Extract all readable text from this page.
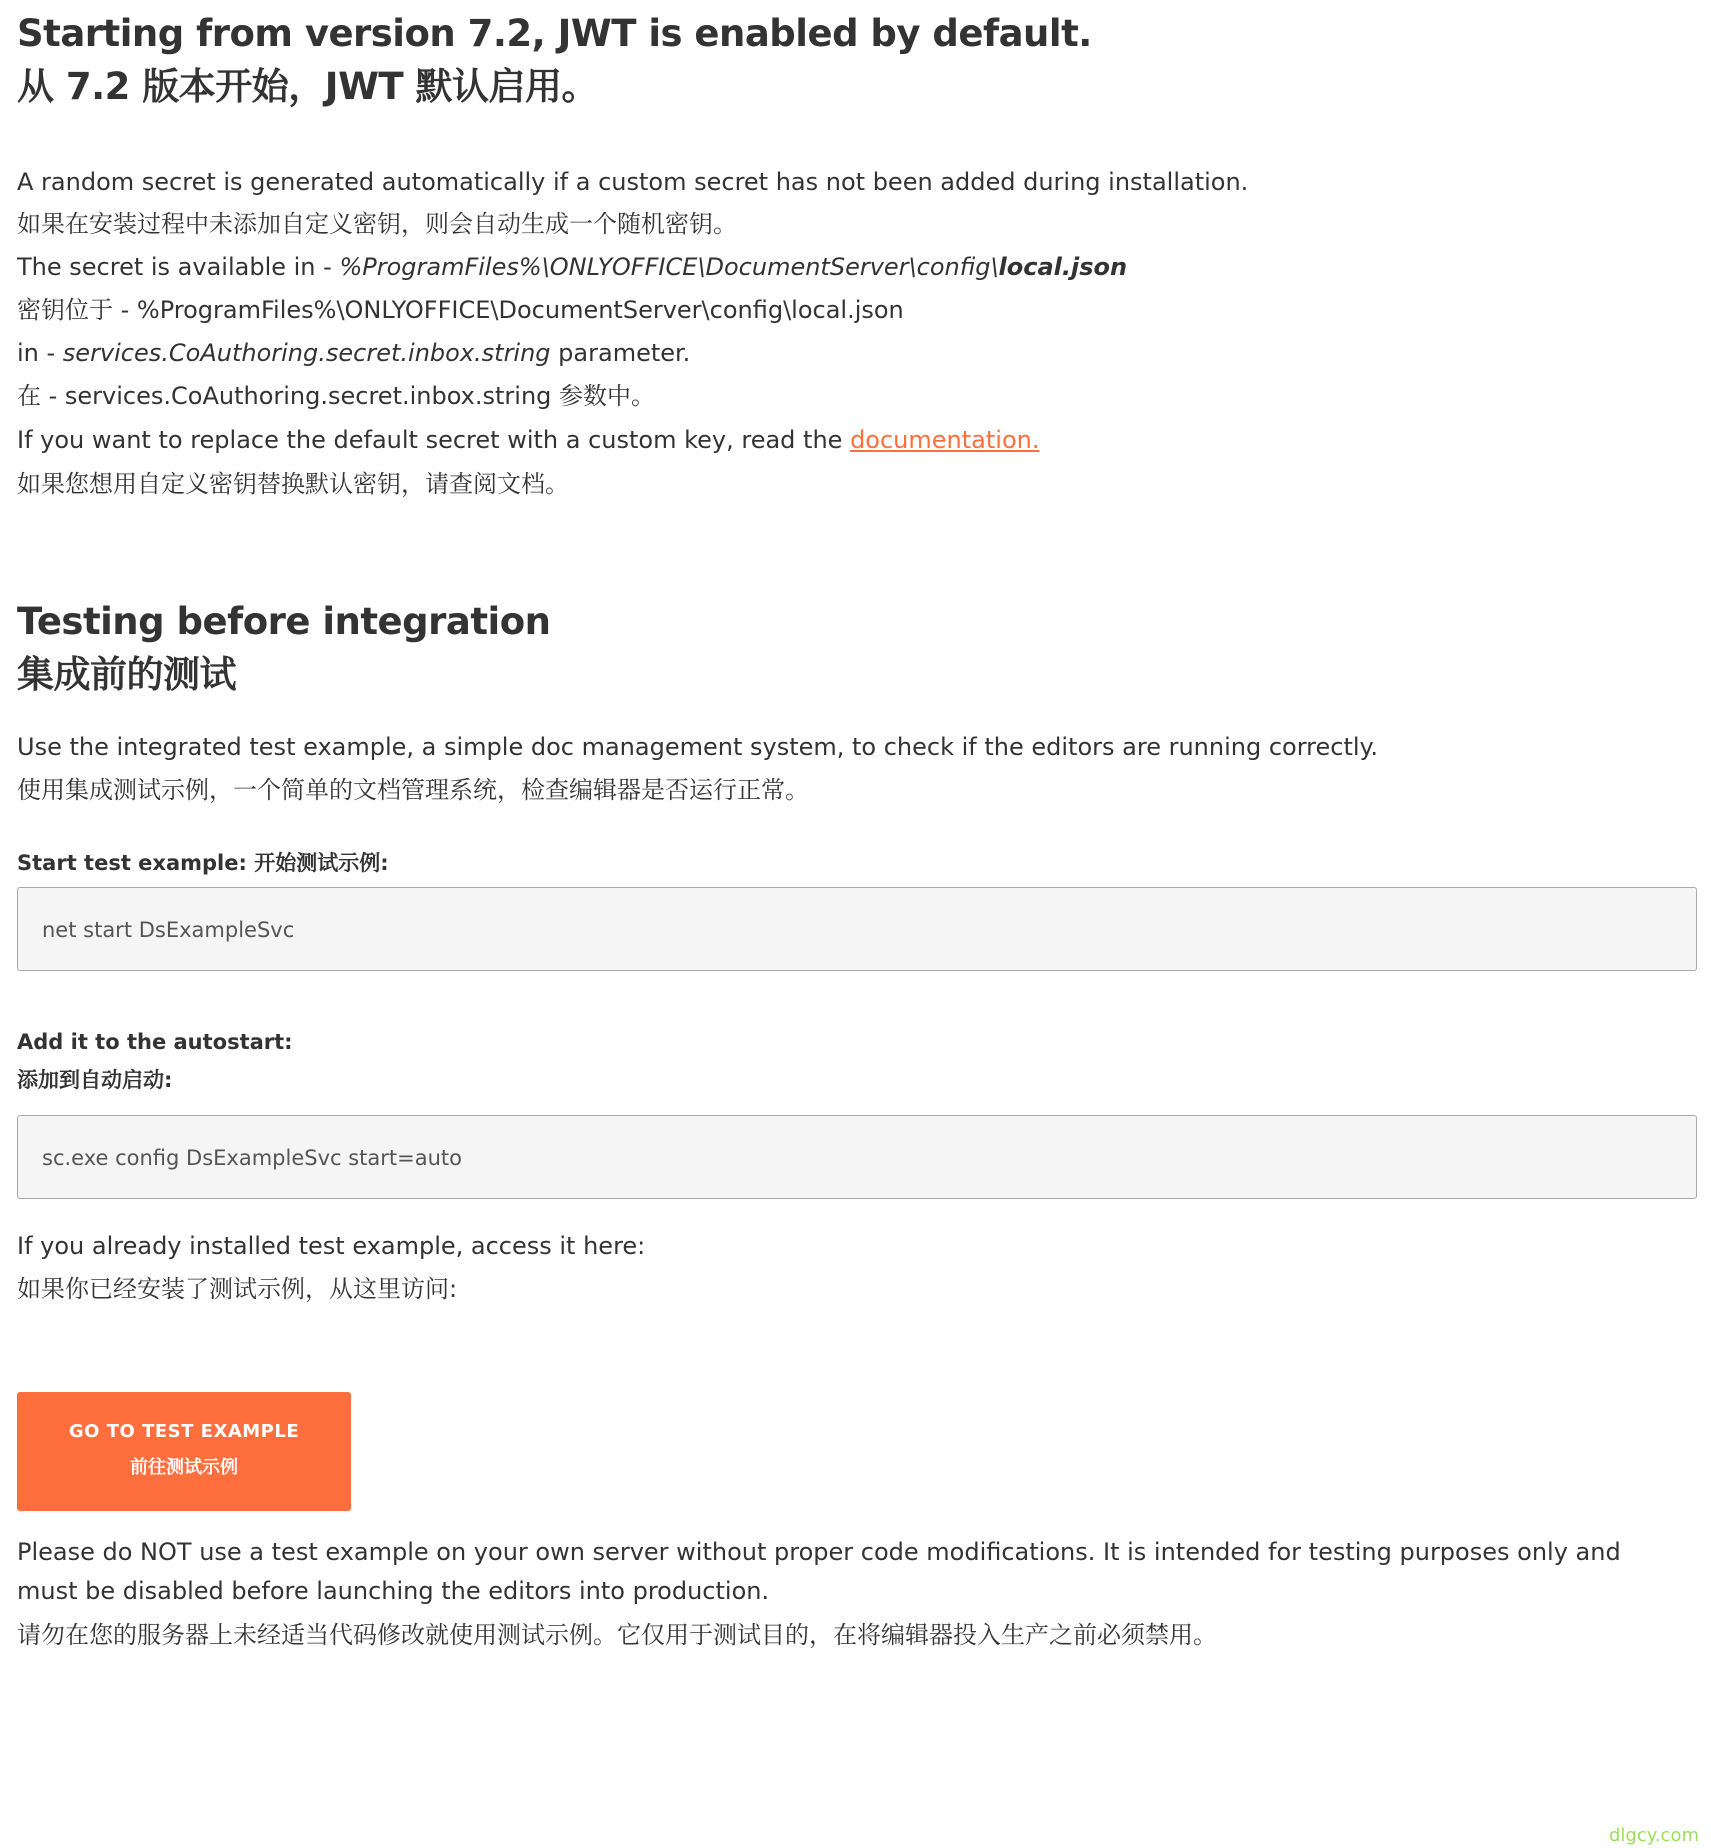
Starting from version 7.2, JWT is enabled by default.
从 7.2 版本开始，JWT 默认启用。

A random secret is generated automatically if a custom secret has not been added during installation.

如果在安装过程中未添加自定义密钥，则会自动生成一个随机密钥。

The secret is available in - %ProgramFiles%\ONLYOFFICE\DocumentServer\config\local.json

密钥位于 - %ProgramFiles%\ONLYOFFICE\DocumentServer\config\local.json

in - services.CoAuthoring.secret.inbox.string parameter.

在 - services.CoAuthoring.secret.inbox.string 参数中。

If you want to replace the default secret with a custom key, read the documentation.

如果您想用自定义密钥替换默认密钥，请查阅文档。

Testing before integration
集成前的测试

Use the integrated test example, a simple doc management system, to check if the editors are running correctly.

使用集成测试示例，一个简单的文档管理系统，检查编辑器是否运行正常。

Start test example: 开始测试示例:

net start DsExampleSvc

Add it to the autostart:

添加到自动启动:

sc.exe config DsExampleSvc start=auto

If you already installed test example, access it here:

如果你已经安装了测试示例，从这里访问:

GO TO TEST EXAMPLE
前往测试示例

Please do NOT use a test example on your own server without proper code modifications. It is intended for testing purposes only and must be disabled before launching the editors into production.

请勿在您的服务器上未经适当代码修改就使用测试示例。它仅用于测试目的，在将编辑器投入生产之前必须禁用。

dlgcy.com
